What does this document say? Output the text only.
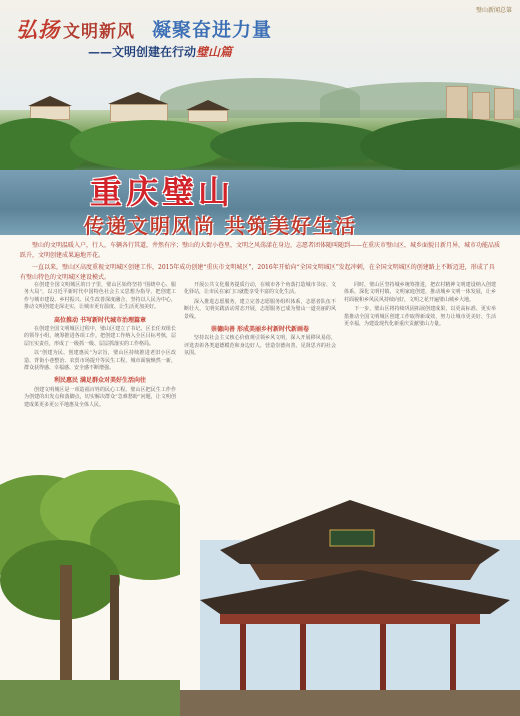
璧山新闻总第
弘扬 文明新风 凝聚奋进力量
——文明创建在行动璧山篇
重庆璧山
传递文明风尚 共筑美好生活

璧山的文明温暖入户，行人，车辆各行其道，井然有序；璧山的大街小巷里，文明之风荡漾在身边，志愿者团体随叫随到——在重庆市璧山区，城乡面貌日新月异，城市功能品质跃升，文明创建成果遍地开花。

一直以来，璧山区高度重视文明城区创建工作，2015年成功创建“重庆市文明城区”，2016年开始向“全国文明城区”发起冲刺，在全国文明城区的创建路上不断迈进，形成了具有璧山特色的文明城区建设模式。

在创建全国文明城区的日子里，璧山区始终坚持“围绕中心、服务大局”，以习近平新时代中国特色社会主义思想为指导，把创建工作与城市建设、乡村振兴、民生改善深度融合，坚持以人民为中心，推动文明创建走深走实，让城市更有温度、让生活更加美好。

高位推动 书写新时代城市治理篇章

在创建全国文明城区过程中，璧山区建立了书记、区长任双组长的领导小组，统筹推进各项工作。把创建工作纳入全区目标考核，层层压实责任，形成了一级抓一级、层层抓落实的工作格局。

以“创建为民、创建惠民”为宗旨，璧山区持续推进老旧小区改造、背街小巷整治、农贸市场提升等民生工程，城市面貌焕然一新，群众获得感、幸福感、安全感不断增强。

利民惠民 满足群众对美好生活向往

创建文明城区是一项造福百姓的民心工程。璧山区把民生工作作为创建的出发点和落脚点，切实解决群众“急难愁盼”问题，让文明创建成果更多更公平地惠及全体人民。

开展公共文化服务提质行动，在城市各个角落打造城市书房、文化驿站，让市民在家门口就能享受丰富的文化生活。

深入推进志愿服务，建立完善志愿服务组织体系，志愿者队伍不断壮大，文明实践活动常态开展，志愿服务已成为璧山一道亮丽的风景线。

崇德向善 形成美丽乡村新时代新画卷

坚持以社会主义核心价值观引领乡风文明，深入开展移风易俗，评选表彰各类道德模范和身边好人，营造崇德向善、见贤思齐的社会氛围。

同时，璧山区坚持城乡统筹推进，把农村精神文明建设纳入创建体系，深化文明村镇、文明家庭创建，推动城乡文明一体发展，让乡村面貌和乡风民风持续向好，文明之花开遍璧山城乡大地。

下一步，璧山区将持续巩固拓展创建成果，以更高标准、更实举措推动全国文明城区创建工作取得新成效，努力让城市更美好、生活更幸福，为建设现代化新重庆贡献璧山力量。
